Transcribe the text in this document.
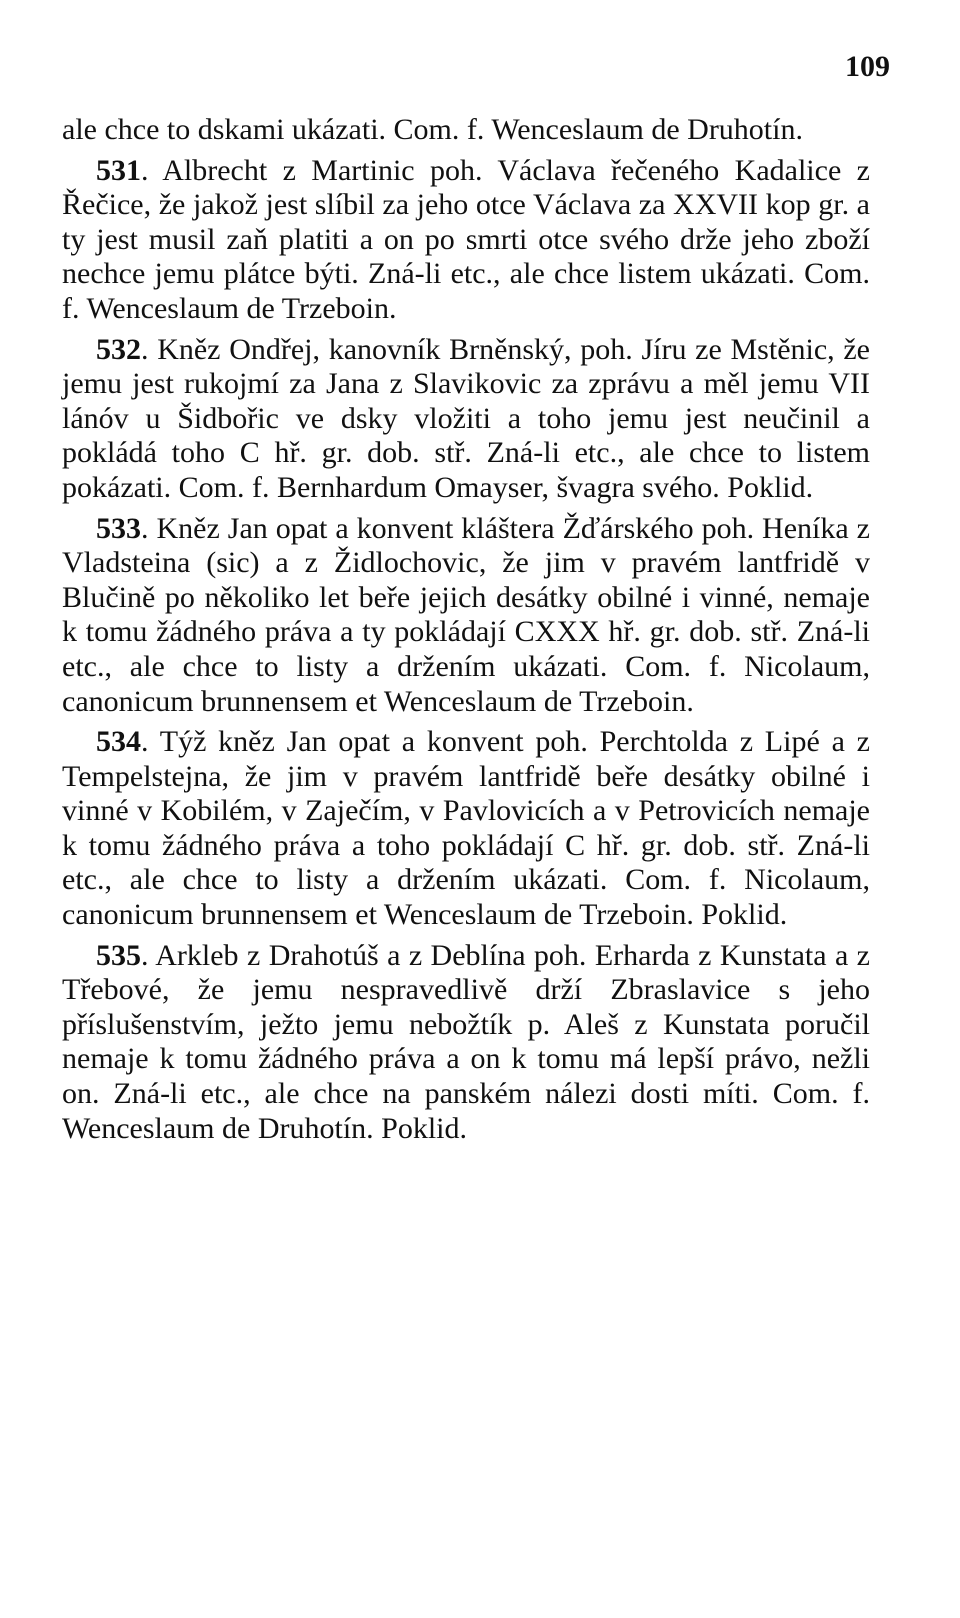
109

ale chce to dskami ukázati. Com. f. Wenceslaum de Druhotín.

531. Albrecht z Martinic poh. Václava řečeného Kadalice z Řečice, že jakož jest slíbil za jeho otce Václava za XXVII kop gr. a ty jest musil zaň platiti a on po smrti otce svého drže jeho zboží nechce jemu plátce býti. Zná-li etc., ale chce listem ukázati. Com. f. Wenceslaum de Trzeboin.

532. Kněz Ondřej, kanovník Brněnský, poh. Jíru ze Mstěnic, že jemu jest rukojmí za Jana z Slavikovic za zprávu a měl jemu VII lánóv u Šidbořic ve dsky vložiti a toho jemu jest neučinil a pokládá toho C hř. gr. dob. stř. Zná-li etc., ale chce to listem pokázati. Com. f. Bernhardum Omayser, švagra svého. Poklid.

533. Kněz Jan opat a konvent kláštera Žďárského poh. Heníka z Vladsteina (sic) a z Židlochovic, že jim v pravém lantfridě v Blučině po několiko let beře jejich desátky obilné i vinné, nemaje k tomu žádného práva a ty pokládají CXXX hř. gr. dob. stř. Zná-li etc., ale chce to listy a držením ukázati. Com. f. Nicolaum, canonicum brunnensem et Wenceslaum de Trzeboin.

534. Týž kněz Jan opat a konvent poh. Perchtolda z Lipé a z Tempelstejna, že jim v pravém lantfridě beře desátky obilné i vinné v Kobilém, v Zaječím, v Pavlovicích a v Petrovicích nemaje k tomu žádného práva a toho pokládají C hř. gr. dob. stř. Zná-li etc., ale chce to listy a držením ukázati. Com. f. Nicolaum, canonicum brunnensem et Wenceslaum de Trzeboin. Poklid.

535. Arkleb z Drahotúš a z Deblína poh. Erharda z Kunstata a z Třebové, že jemu nespravedlivě drží Zbraslavice s jeho příslušenstvím, ježto jemu nebožtík p. Aleš z Kunstata poručil nemaje k tomu žádného práva a on k tomu má lepší právo, nežli on. Zná-li etc., ale chce na panském nálezi dosti míti. Com. f. Wenceslaum de Druhotín. Poklid.
